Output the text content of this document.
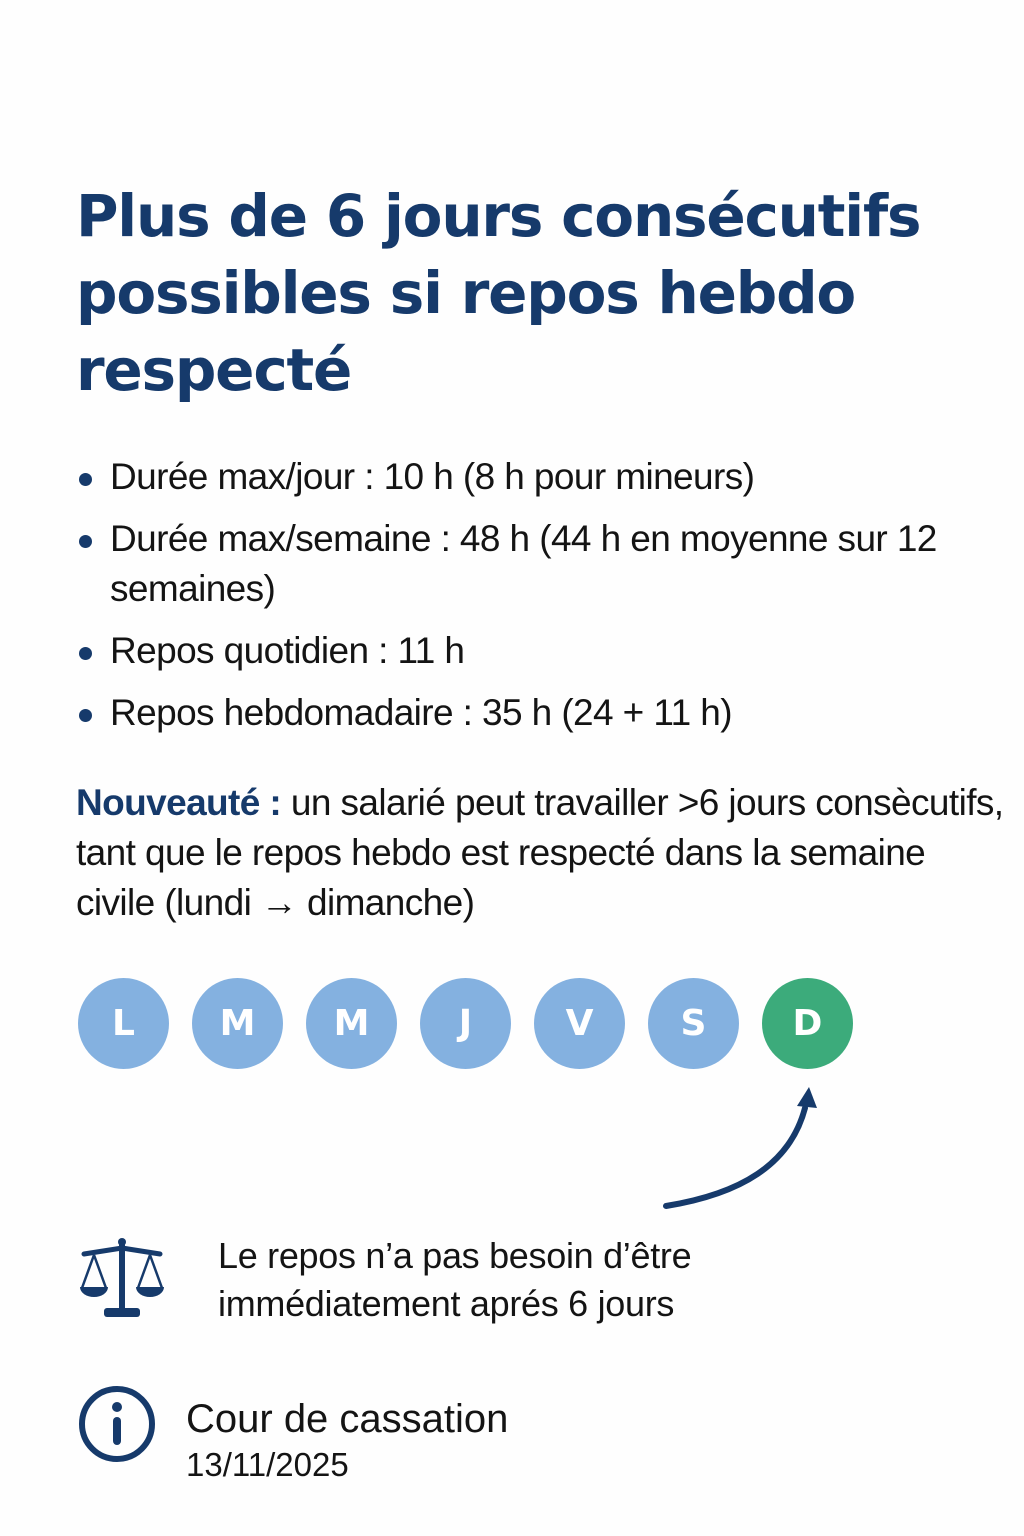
Plus de 6 jours consécutifs possibles si repos hebdo respecté
Durée max/jour : 10 h (8 h pour mineurs)
Durée max/semaine : 48 h (44 h en moyenne sur 12 semaines)
Repos quotidien : 11 h
Repos hebdomadaire : 35 h (24 + 11 h)

Nouveauté : un salarié peut travailler >6 jours consècutifs, tant que le repos hebdo est respecté dans la semaine civile (lundi → dimanche)

L	M	M	J	V	S	D

Le repos n’a pas besoin d’être immédiatement aprés 6 jours

Cour de cassation
13/11/2025
